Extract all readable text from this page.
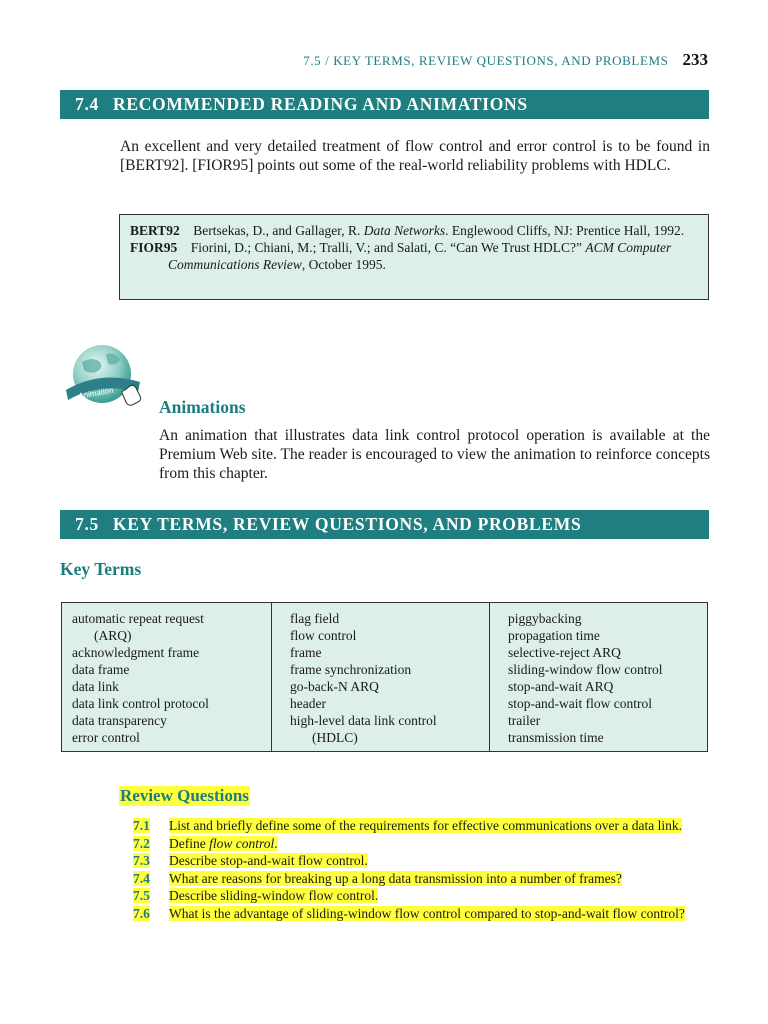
7.5 / KEY TERMS, REVIEW QUESTIONS, AND PROBLEMS 233
7.4 RECOMMENDED READING AND ANIMATIONS
An excellent and very detailed treatment of flow control and error control is to be found in [BERT92]. [FIOR95] points out some of the real-world reliability problems with HDLC.
BERT92 Bertsekas, D., and Gallager, R. Data Networks. Englewood Cliffs, NJ: Prentice Hall, 1992.
FIOR95 Fiorini, D.; Chiani, M.; Tralli, V.; and Salati, C. “Can We Trust HDLC?” ACM Computer Communications Review, October 1995.
Animation
Animations
An animation that illustrates data link control protocol operation is available at the Premium Web site. The reader is encouraged to view the animation to reinforce concepts from this chapter.
7.5 KEY TERMS, REVIEW QUESTIONS, AND PROBLEMS
Key Terms
automatic repeat request
(ARQ)
acknowledgment frame
data frame
data link
data link control protocol
data transparency
error control
flag field
flow control
frame
frame synchronization
go-back-N ARQ
header
high-level data link control
(HDLC)
piggybacking
propagation time
selective-reject ARQ
sliding-window flow control
stop-and-wait ARQ
stop-and-wait flow control
trailer
transmission time
Review Questions
7.1	List and briefly define some of the requirements for effective communications over a data link.
7.2	Define flow control.
7.3	Describe stop-and-wait flow control.
7.4	What are reasons for breaking up a long data transmission into a number of frames?
7.5	Describe sliding-window flow control.
7.6	What is the advantage of sliding-window flow control compared to stop-and-wait flow control?
